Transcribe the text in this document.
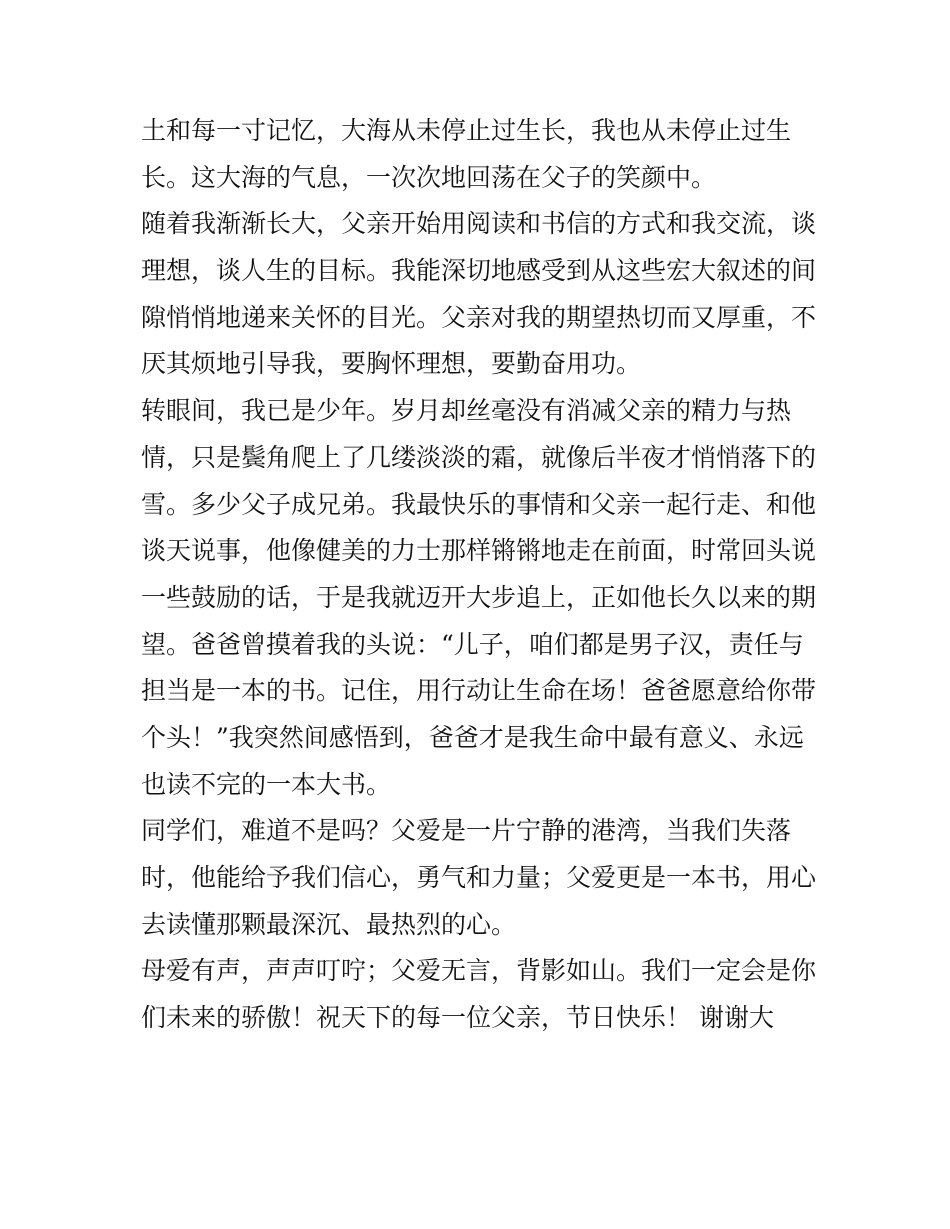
土和每一寸记忆，大海从未停止过生长，我也从未停止过生
长。这大海的气息，一次次地回荡在父子的笑颜中。
随着我渐渐长大，父亲开始用阅读和书信的方式和我交流，谈
理想，谈人生的目标。我能深切地感受到从这些宏大叙述的间
隙悄悄地递来关怀的目光。父亲对我的期望热切而又厚重，不
厌其烦地引导我，要胸怀理想，要勤奋用功。
转眼间，我已是少年。岁月却丝毫没有消减父亲的精力与热
情，只是鬓角爬上了几缕淡淡的霜，就像后半夜才悄悄落下的
雪。多少父子成兄弟。我最快乐的事情和父亲一起行走、和他
谈天说事，他像健美的力士那样锵锵地走在前面，时常回头说
一些鼓励的话，于是我就迈开大步追上，正如他长久以来的期
望。爸爸曾摸着我的头说：“儿子，咱们都是男子汉，责任与
担当是一本的书。记住，用行动让生命在场！爸爸愿意给你带
个头！”我突然间感悟到，爸爸才是我生命中最有意义、永远
也读不完的一本大书。
同学们，难道不是吗？父爱是一片宁静的港湾，当我们失落
时，他能给予我们信心，勇气和力量；父爱更是一本书，用心
去读懂那颗最深沉、最热烈的心。
母爱有声，声声叮咛；父爱无言，背影如山。我们一定会是你
们未来的骄傲！祝天下的每一位父亲，节日快乐！ 谢谢大
